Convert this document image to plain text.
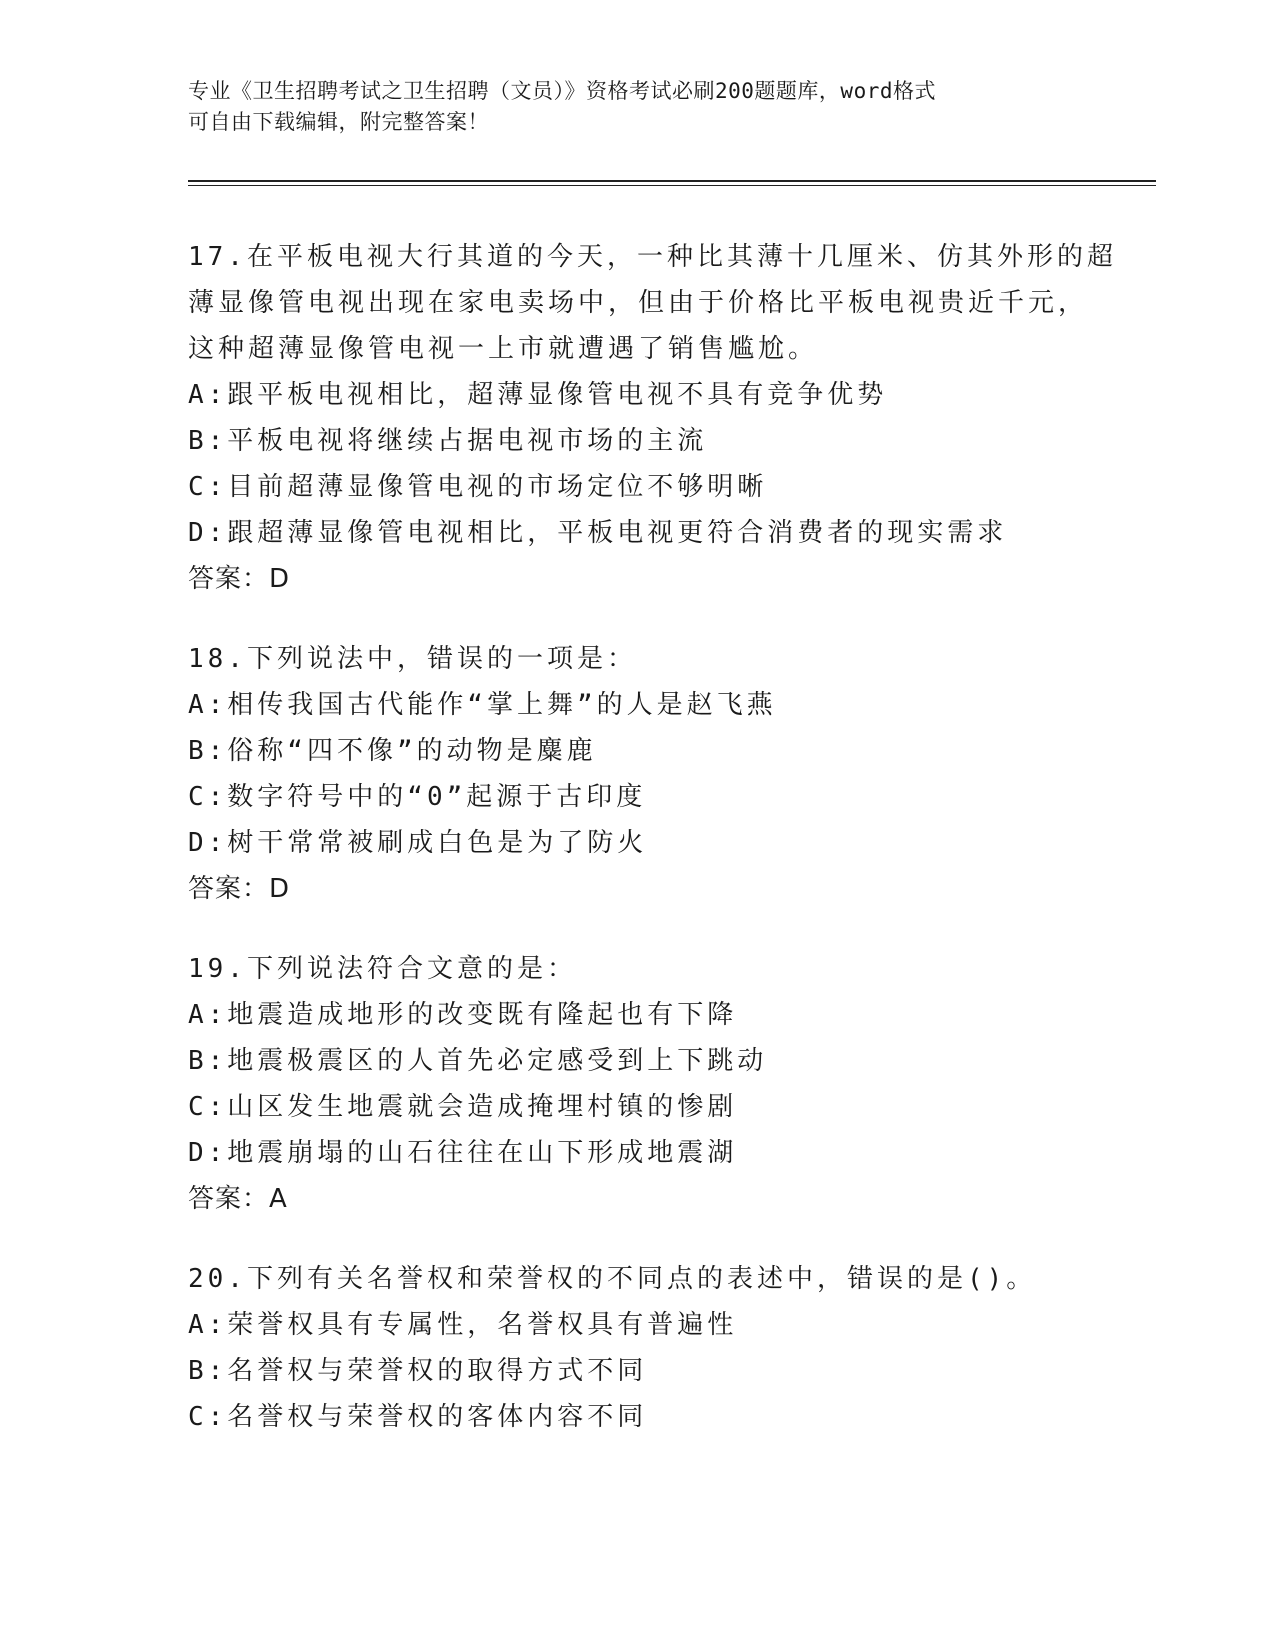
专业《卫生招聘考试之卫生招聘（文员）》资格考试必刷200题题库，word格式
可自由下载编辑，附完整答案！
17.在平板电视大行其道的今天，一种比其薄十几厘米、仿其外形的超
薄显像管电视出现在家电卖场中，但由于价格比平板电视贵近千元，
这种超薄显像管电视一上市就遭遇了销售尴尬。
A:跟平板电视相比，超薄显像管电视不具有竞争优势
B:平板电视将继续占据电视市场的主流
C:目前超薄显像管电视的市场定位不够明晰
D:跟超薄显像管电视相比，平板电视更符合消费者的现实需求
答案：D
18.下列说法中，错误的一项是：
A:相传我国古代能作“掌上舞”的人是赵飞燕
B:俗称“四不像”的动物是麋鹿
C:数字符号中的“0”起源于古印度
D:树干常常被刷成白色是为了防火
答案：D
19.下列说法符合文意的是：
A:地震造成地形的改变既有隆起也有下降
B:地震极震区的人首先必定感受到上下跳动
C:山区发生地震就会造成掩埋村镇的惨剧
D:地震崩塌的山石往往在山下形成地震湖
答案：A
20.下列有关名誉权和荣誉权的不同点的表述中，错误的是()。
A:荣誉权具有专属性，名誉权具有普遍性
B:名誉权与荣誉权的取得方式不同
C:名誉权与荣誉权的客体内容不同
